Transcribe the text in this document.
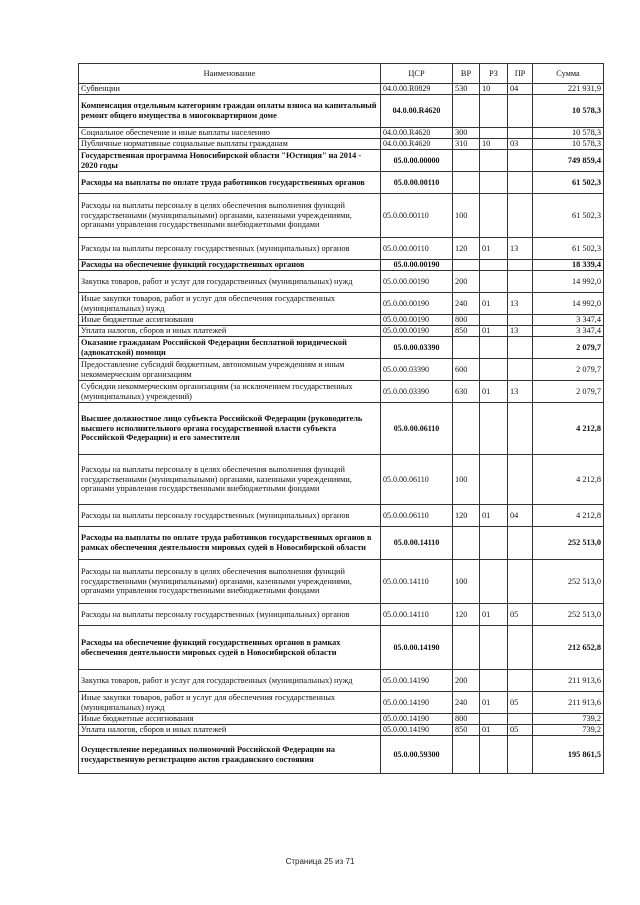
Наименование	ЦСР	ВР	РЗ	ПР	Сумма
Субвенции	04.0.00.R0829	530	10	04	221 931,9
Компенсация отдельным категориям граждан оплаты взноса на капитальный ремонт общего имущества в многоквартирном доме	04.0.00.R4620				10 578,3
Социальное обеспечение и иные выплаты населению	04.0.00.R4620	300			10 578,3
Публичные нормативные социальные выплаты гражданам	04.0.00.R4620	310	10	03	10 578,3
Государственная программа Новосибирской области "Юстиция" на 2014 - 2020 годы	05.0.00.00000				749 859,4
Расходы на выплаты по оплате труда работников государственных органов	05.0.00.00110				61 502,3
Расходы на выплаты персоналу в целях обеспечения выполнения функций государственными (муниципальными) органами, казенными учреждениями, органами управления государственными внебюджетными фондами	05.0.00.00110	100			61 502,3
Расходы на выплаты персоналу государственных (муниципальных) органов	05.0.00.00110	120	01	13	61 502,3
Расходы на обеспечение функций государственных органов	05.0.00.00190				18 339,4
Закупка товаров, работ и услуг для государственных (муниципальных) нужд	05.0.00.00190	200			14 992,0
Иные закупки товаров, работ и услуг для обеспечения государственных (муниципальных) нужд	05.0.00.00190	240	01	13	14 992,0
Иные бюджетные ассигнования	05.0.00.00190	800			3 347,4
Уплата налогов, сборов и иных платежей	05.0.00.00190	850	01	13	3 347,4
Оказание гражданам Российской Федерации бесплатной юридической (адвокатской) помощи	05.0.00.03390				2 079,7
Предоставление субсидий бюджетным, автономным учреждениям и иным некоммерческим организациям	05.0.00.03390	600			2 079,7
Субсидии некоммерческим организациям (за исключением государственных (муниципальных) учреждений)	05.0.00.03390	630	01	13	2 079,7
Высшее должностное лицо субъекта Российской Федерации (руководитель высшего исполнительного органа государственной власти субъекта Российской Федерации) и его заместители	05.0.00.06110				4 212,8
Расходы на выплаты персоналу в целях обеспечения выполнения функций государственными (муниципальными) органами, казенными учреждениями, органами управления государственными внебюджетными фондами	05.0.00.06110	100			4 212,8
Расходы на выплаты персоналу государственных (муниципальных) органов	05.0.00.06110	120	01	04	4 212,8
Расходы на выплаты по оплате труда работников государственных органов в рамках обеспечения деятельности мировых судей в Новосибирской области	05.0.00.14110				252 513,0
Расходы на выплаты персоналу в целях обеспечения выполнения функций государственными (муниципальными) органами, казенными учреждениями, органами управления государственными внебюджетными фондами	05.0.00.14110	100			252 513,0
Расходы на выплаты персоналу государственных (муниципальных) органов	05.0.00.14110	120	01	05	252 513,0
Расходы на обеспечение функций государственных органов в рамках обеспечения деятельности мировых судей в Новосибирской области	05.0.00.14190				212 652,8
Закупка товаров, работ и услуг для государственных (муниципальных) нужд	05.0.00.14190	200			211 913,6
Иные закупки товаров, работ и услуг для обеспечения государственных (муниципальных) нужд	05.0.00.14190	240	01	05	211 913,6
Иные бюджетные ассигнования	05.0.00.14190	800			739,2
Уплата налогов, сборов и иных платежей	05.0.00.14190	850	01	05	739,2
Осуществление переданных полномочий Российской Федерации на государственную регистрацию актов гражданского состояния	05.0.00.59300				195 861,5
Страница 25 из 71
